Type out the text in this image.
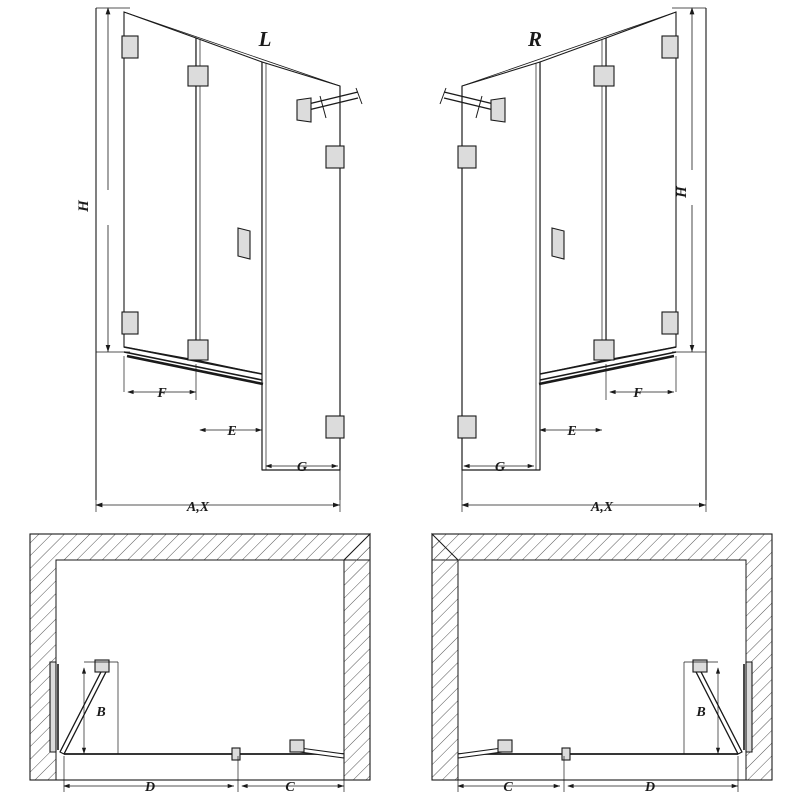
L	R
H
H
F
E
G
A,X
F
E
G
A,X
B
D	C
B
C	D
